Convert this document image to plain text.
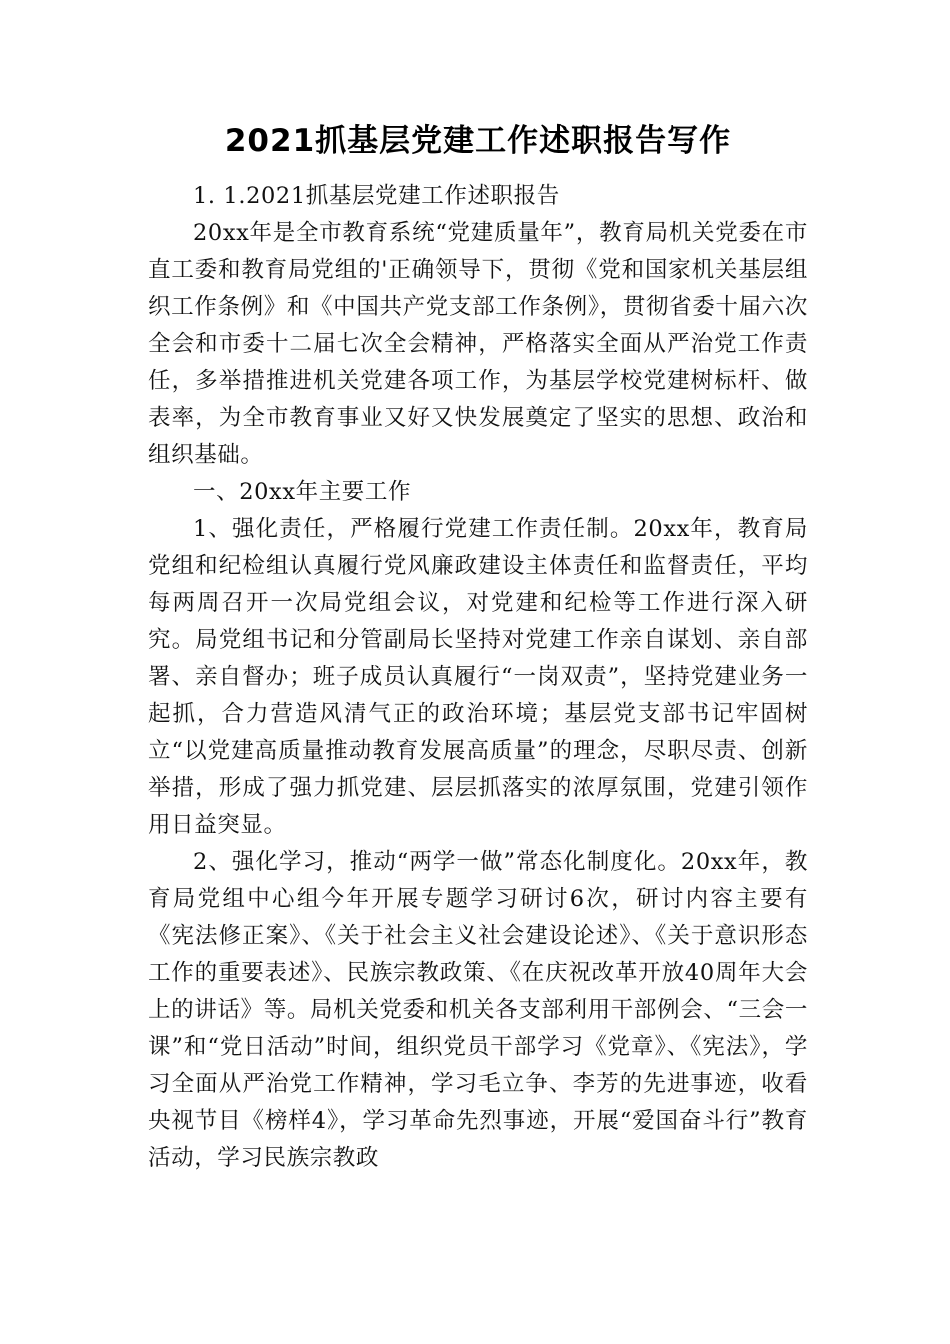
2021抓基层党建工作述职报告写作

1. 1.2021抓基层党建工作述职报告

20xx年是全市教育系统“党建质量年”，教育局机关党委在市直工委和教育局党组的'正确领导下，贯彻《党和国家机关基层组织工作条例》和《中国共产党支部工作条例》，贯彻省委十届六次全会和市委十二届七次全会精神，严格落实全面从严治党工作责任，多举措推进机关党建各项工作，为基层学校党建树标杆、做表率，为全市教育事业又好又快发展奠定了坚实的思想、政治和组织基础。

一、20xx年主要工作

1、强化责任，严格履行党建工作责任制。20xx年，教育局党组和纪检组认真履行党风廉政建设主体责任和监督责任，平均每两周召开一次局党组会议，对党建和纪检等工作进行深入研究。局党组书记和分管副局长坚持对党建工作亲自谋划、亲自部署、亲自督办；班子成员认真履行“一岗双责”，坚持党建业务一起抓，合力营造风清气正的政治环境；基层党支部书记牢固树立“以党建高质量推动教育发展高质量”的理念，尽职尽责、创新举措，形成了强力抓党建、层层抓落实的浓厚氛围，党建引领作用日益突显。

2、强化学习，推动“两学一做”常态化制度化。20xx年，教育局党组中心组今年开展专题学习研讨6次，研讨内容主要有《宪法修正案》、《关于社会主义社会建设论述》、《关于意识形态工作的重要表述》、民族宗教政策、《在庆祝改革开放40周年大会上的讲话》等。局机关党委和机关各支部利用干部例会、“三会一课”和“党日活动”时间，组织党员干部学习《党章》、《宪法》，学习全面从严治党工作精神，学习毛立争、李芳的先进事迹，收看央视节目《榜样4》，学习革命先烈事迹，开展“爱国奋斗行”教育活动，学习民族宗教政
